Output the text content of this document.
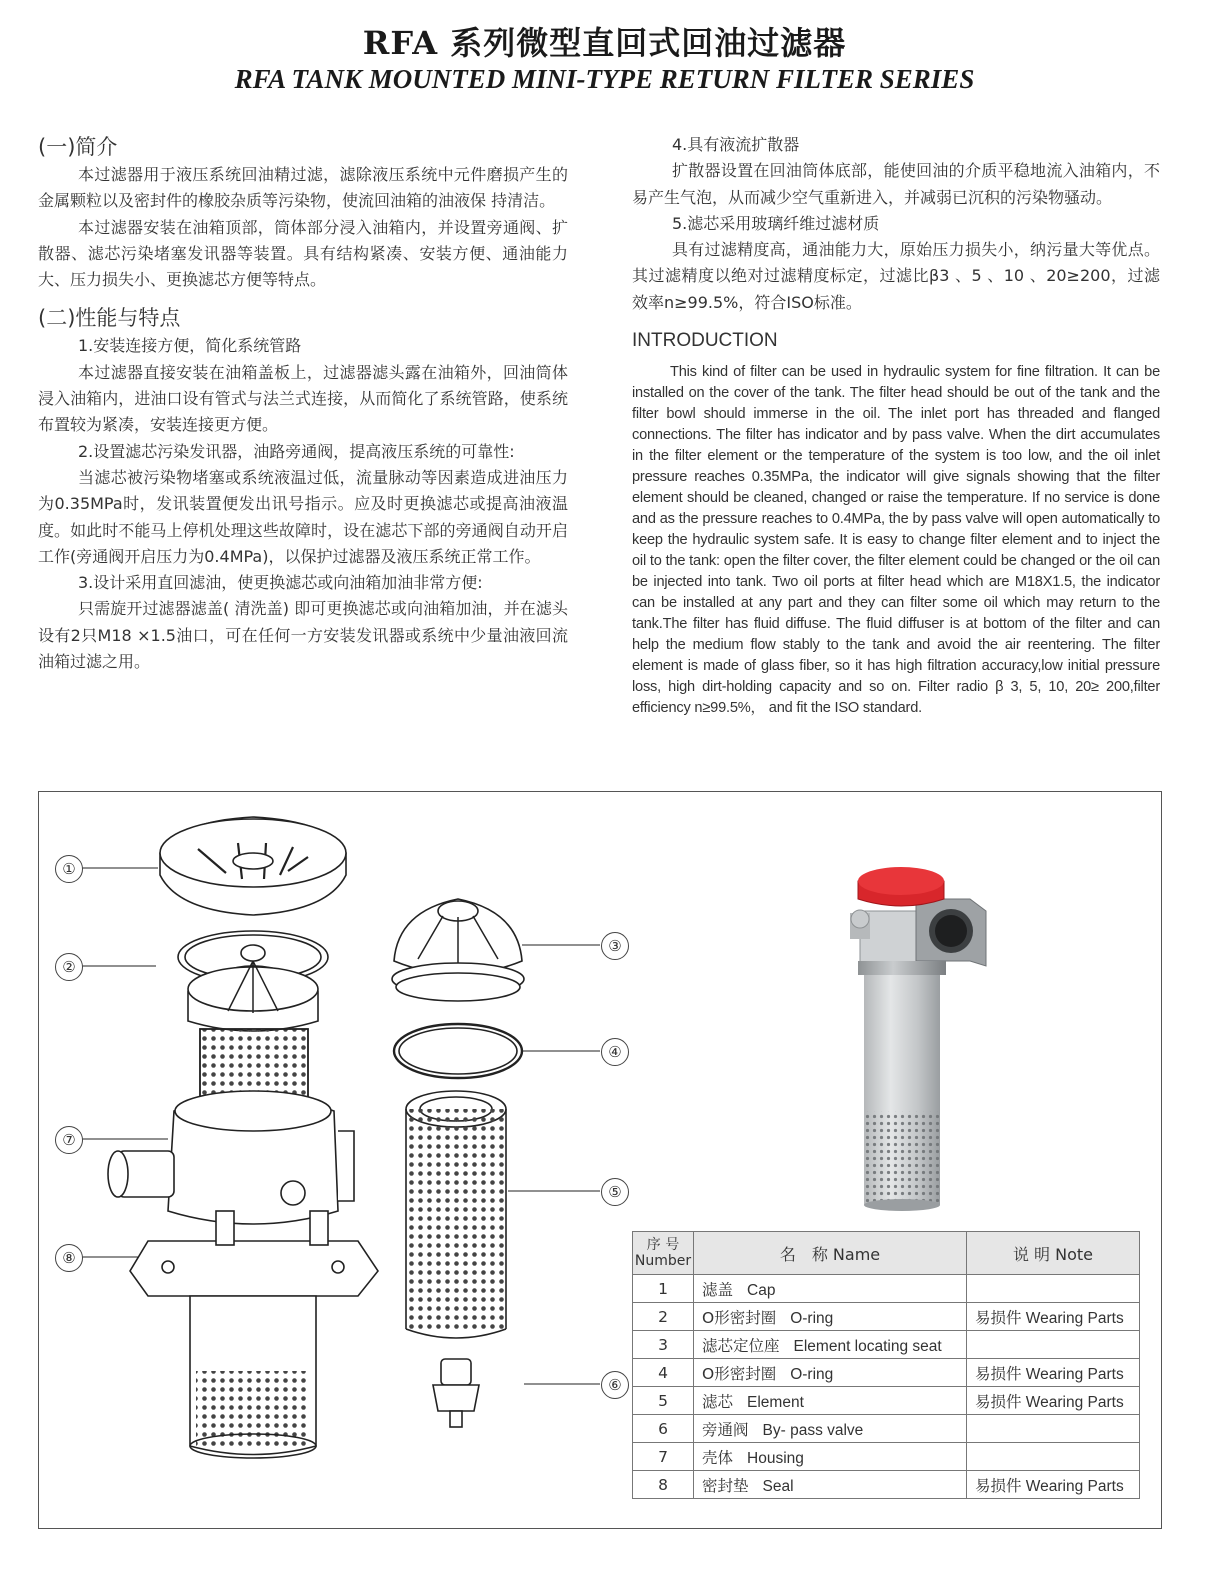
RFA 系列微型直回式回油过滤器
RFA TANK MOUNTED MINI-TYPE RETURN FILTER SERIES
(一)简介

本过滤器用于液压系统回油精过滤，滤除液压系统中元件磨损产生的金属颗粒以及密封件的橡胶杂质等污染物，使流回油箱的油液保 持清洁。

本过滤器安装在油箱顶部，筒体部分浸入油箱内，并设置旁通阀、扩散器、滤芯污染堵塞发讯器等装置。具有结构紧凑、安装方便、通油能力大、压力损失小、更换滤芯方便等特点。

(二)性能与特点

1.安装连接方便，简化系统管路

本过滤器直接安装在油箱盖板上，过滤器滤头露在油箱外，回油筒体浸入油箱内，进油口设有管式与法兰式连接，从而简化了系统管路，使系统布置较为紧凑，安装连接更方便。

2.设置滤芯污染发讯器，油路旁通阀，提高液压系统的可靠性:

当滤芯被污染物堵塞或系统液温过低，流量脉动等因素造成进油压力为0.35MPa时，发讯装置便发出讯号指示。应及时更换滤芯或提高油液温度。如此时不能马上停机处理这些故障时，设在滤芯下部的旁通阀自动开启工作(旁通阀开启压力为0.4MPa)，以保护过滤器及液压系统正常工作。

3.设计采用直回滤油，使更换滤芯或向油箱加油非常方便:

只需旋开过滤器滤盖( 清洗盖) 即可更换滤芯或向油箱加油，并在滤头设有2只M18 ×1.5油口，可在任何一方安装发讯器或系统中少量油液回流油箱过滤之用。

4.具有液流扩散器

扩散器设置在回油筒体底部，能使回油的介质平稳地流入油箱内，不易产生气泡，从而减少空气重新进入，并减弱已沉积的污染物骚动。

5.滤芯采用玻璃纤维过滤材质

具有过滤精度高，通油能力大，原始压力损失小，纳污量大等优点。其过滤精度以绝对过滤精度标定，过滤比β3 、5 、10 、20≥200，过滤效率n≥99.5%，符合ISO标准。

INTRODUCTION

This kind of filter can be used in hydraulic system for fine filtration. It can be installed on the cover of the tank. The filter head should be out of the tank and the filter bowl should immerse in the oil. The inlet port has threaded and flanged connections. The filter has indicator and by pass valve. When the dirt accumulates in the filter element or the temperature of the system is too low, and the oil inlet pressure reaches 0.35MPa, the indicator will give signals showing that the filter element should be cleaned, changed or raise the temperature. If no service is done and as the pressure reaches to 0.4MPa, the by pass valve will open automatically to keep the hydraulic system safe. It is easy to change filter element and to inject the oil to the tank: open the filter cover, the filter element could be changed or the oil can be injected into tank. Two oil ports at filter head which are M18X1.5, the indicator can be installed at any part and they can filter some oil which may return to the tank.The filter has fluid diffuse. The fluid diffuser is at bottom of the filter and can help the medium flow stably to the tank and avoid the air reentering. The filter element is made of glass fiber, so it has high filtration accuracy,low initial pressure loss, high dirt-holding capacity and so on. Filter radio β 3, 5, 10, 20≥ 200,filter efficiency n≥99.5%， and fit the ISO standard.

①
②
③
④
⑤
⑥
⑦
⑧
序 号
Number	名　称 Name	说 明 Note
1	滤盖 Cap	
2	O形密封圈 O-ring	易损件 Wearing Parts
3	滤芯定位座 Element locating seat	
4	O形密封圈 O-ring	易损件 Wearing Parts
5	滤芯 Element	易损件 Wearing Parts
6	旁通阀 By- pass valve	
7	壳体 Housing	
8	密封垫 Seal	易损件 Wearing Parts
